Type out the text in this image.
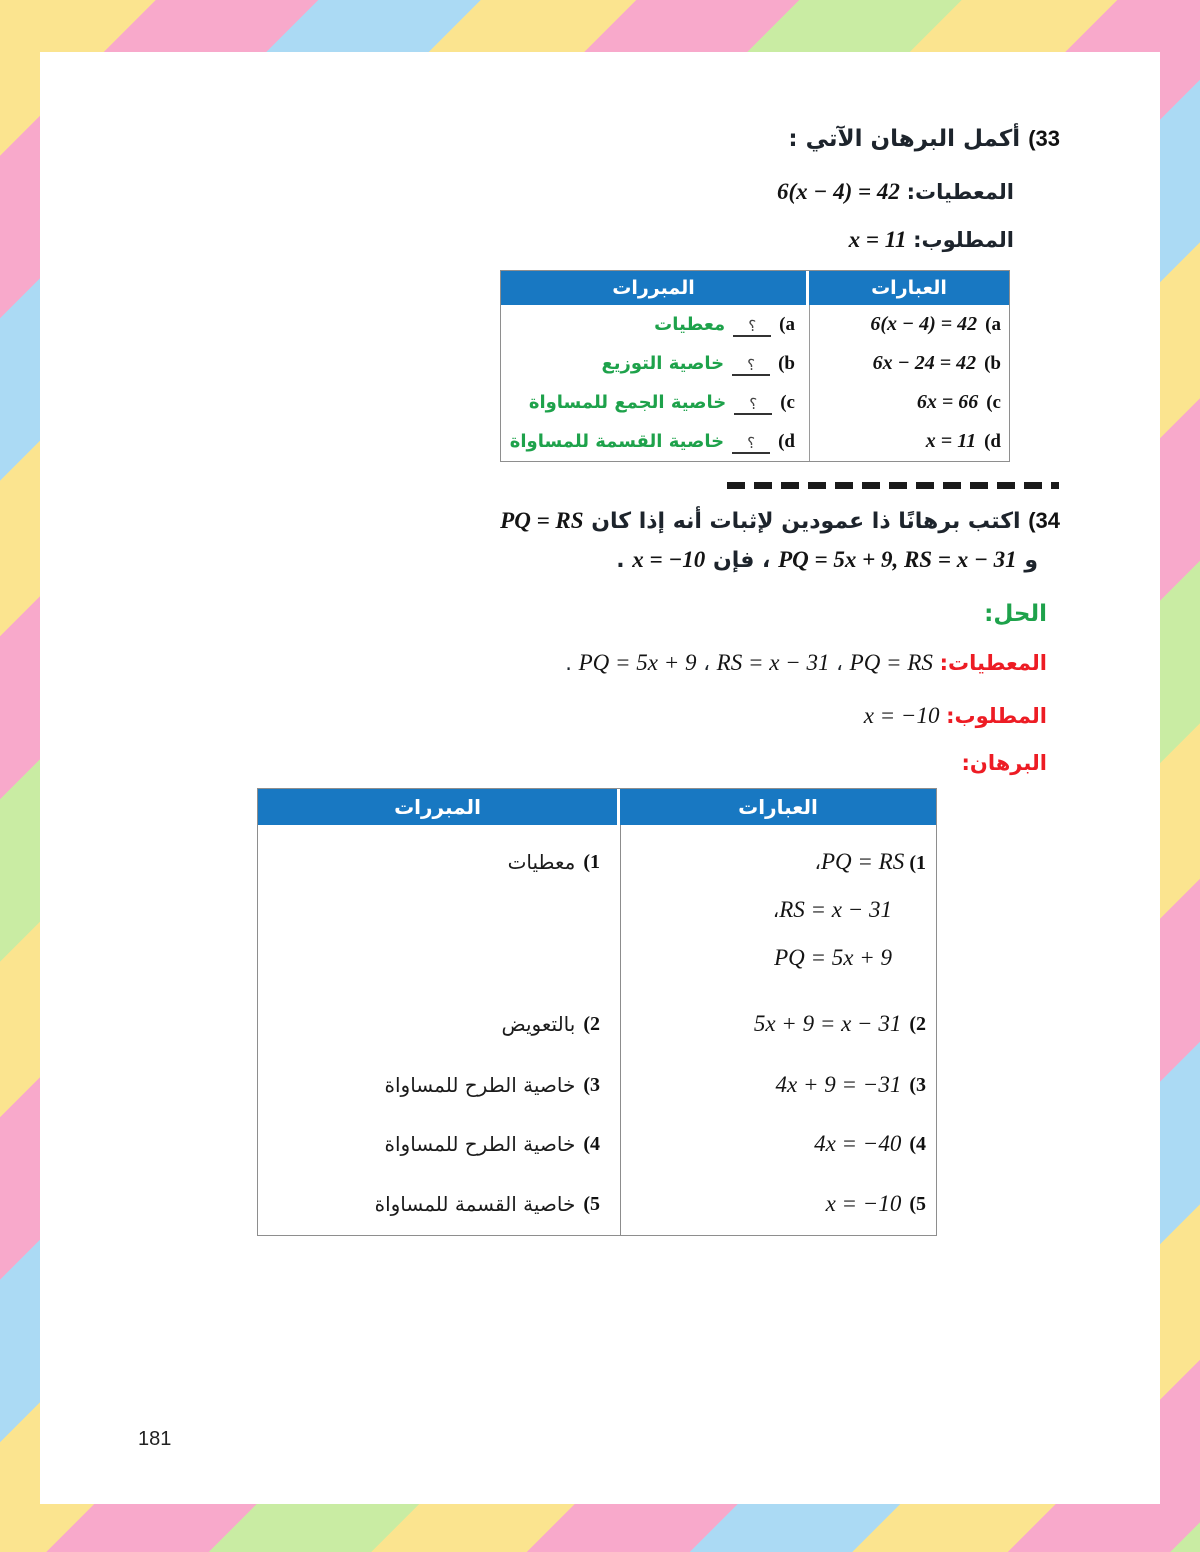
(33 أكمل البرهان الآتي :
المعطيات: 6(x − 4) = 42
المطلوب: x = 11
العبارات
المبررات
(a
6(x − 4) = 42
(a
؟
معطيات
(b
6x − 24 = 42
(b
؟
خاصية التوزيع
(c
6x = 66
(c
؟
خاصية الجمع للمساواة
(d
x = 11
(d
؟
خاصية القسمة للمساواة
(34 اكتب برهانًا ذا عمودين لإثبات أنه إذا كان PQ = RS
و PQ = 5x + 9, RS = x − 31 ، فإن x = −10 .
الحل:
المعطيات: PQ = RS ، RS = x − 31 ، PQ = 5x + 9 .
المطلوب: x = −10
البرهان:
العبارات
المبررات
(1 PQ = RS،
RS = x − 31،
PQ = 5x + 9
(1
معطيات
(2
5x + 9 = x − 31
(2
بالتعويض
(3
4x + 9 = −31
(3
خاصية الطرح للمساواة
(4
4x = −40
(4
خاصية الطرح للمساواة
(5
x = −10
(5
خاصية القسمة للمساواة
181
